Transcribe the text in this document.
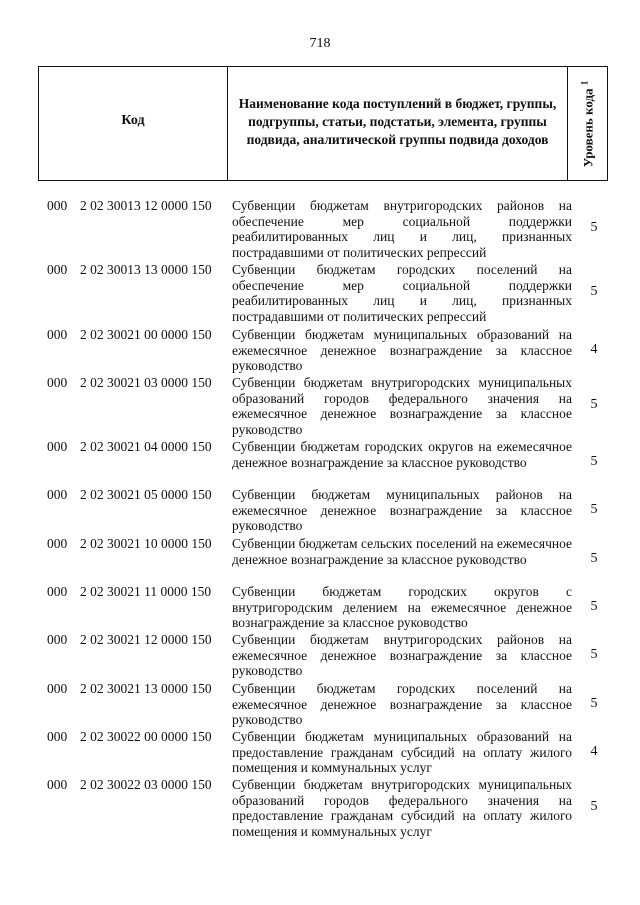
718
Код
Наименование кода поступлений в бюджет, группы, подгруппы, статьи, подстатьи, элемента, группы подвида, аналитической группы подвида доходов	Уровень кода $^1$
000 2 02 30013 12 0000 150 Субвенции бюджетам внутригородских районов на обеспечение мер социальной поддержки реабилитированных лиц и лиц, признанных пострадавшими от политических репрессий
5
000 2 02 30013 13 0000 150 Субвенции бюджетам городских поселений на обеспечение мер социальной поддержки реабилитированных лиц и лиц, признанных пострадавшими от политических репрессий
5
000 2 02 30021 00 0000 150 Субвенции бюджетам муниципальных образований на ежемесячное денежное вознаграждение за классное руководство
4
000 2 02 30021 03 0000 150 Субвенции бюджетам внутригородских муниципальных образований городов федерального значения на ежемесячное денежное вознаграждение за классное руководство
5
000 2 02 30021 04 0000 150 Субвенции бюджетам городских округов на ежемесячное денежное вознаграждение за классное руководство	5
000 2 02 30021 05 0000 150 Субвенции бюджетам муниципальных районов на ежемесячное денежное вознаграждение за классное руководство
5
000 2 02 30021 10 0000 150 Субвенции бюджетам сельских поселений на ежемесячное денежное вознаграждение за классное руководство	5
000 2 02 30021 11 0000 150 Субвенции бюджетам городских округов с внутригородским делением на ежемесячное денежное вознаграждение за классное руководство
5
000 2 02 30021 12 0000 150 Субвенции бюджетам внутригородских районов на ежемесячное денежное вознаграждение за классное руководство
5
000 2 02 30021 13 0000 150 Субвенции бюджетам городских поселений на ежемесячное денежное вознаграждение за классное руководство
5
000 2 02 30022 00 0000 150 Субвенции бюджетам муниципальных образований на предоставление гражданам субсидий на оплату жилого помещения и коммунальных услуг
4
000 2 02 30022 03 0000 150 Субвенции бюджетам внутригородских муниципальных образований городов федерального значения на предоставление гражданам субсидий на оплату жилого помещения и коммунальных услуг
5
